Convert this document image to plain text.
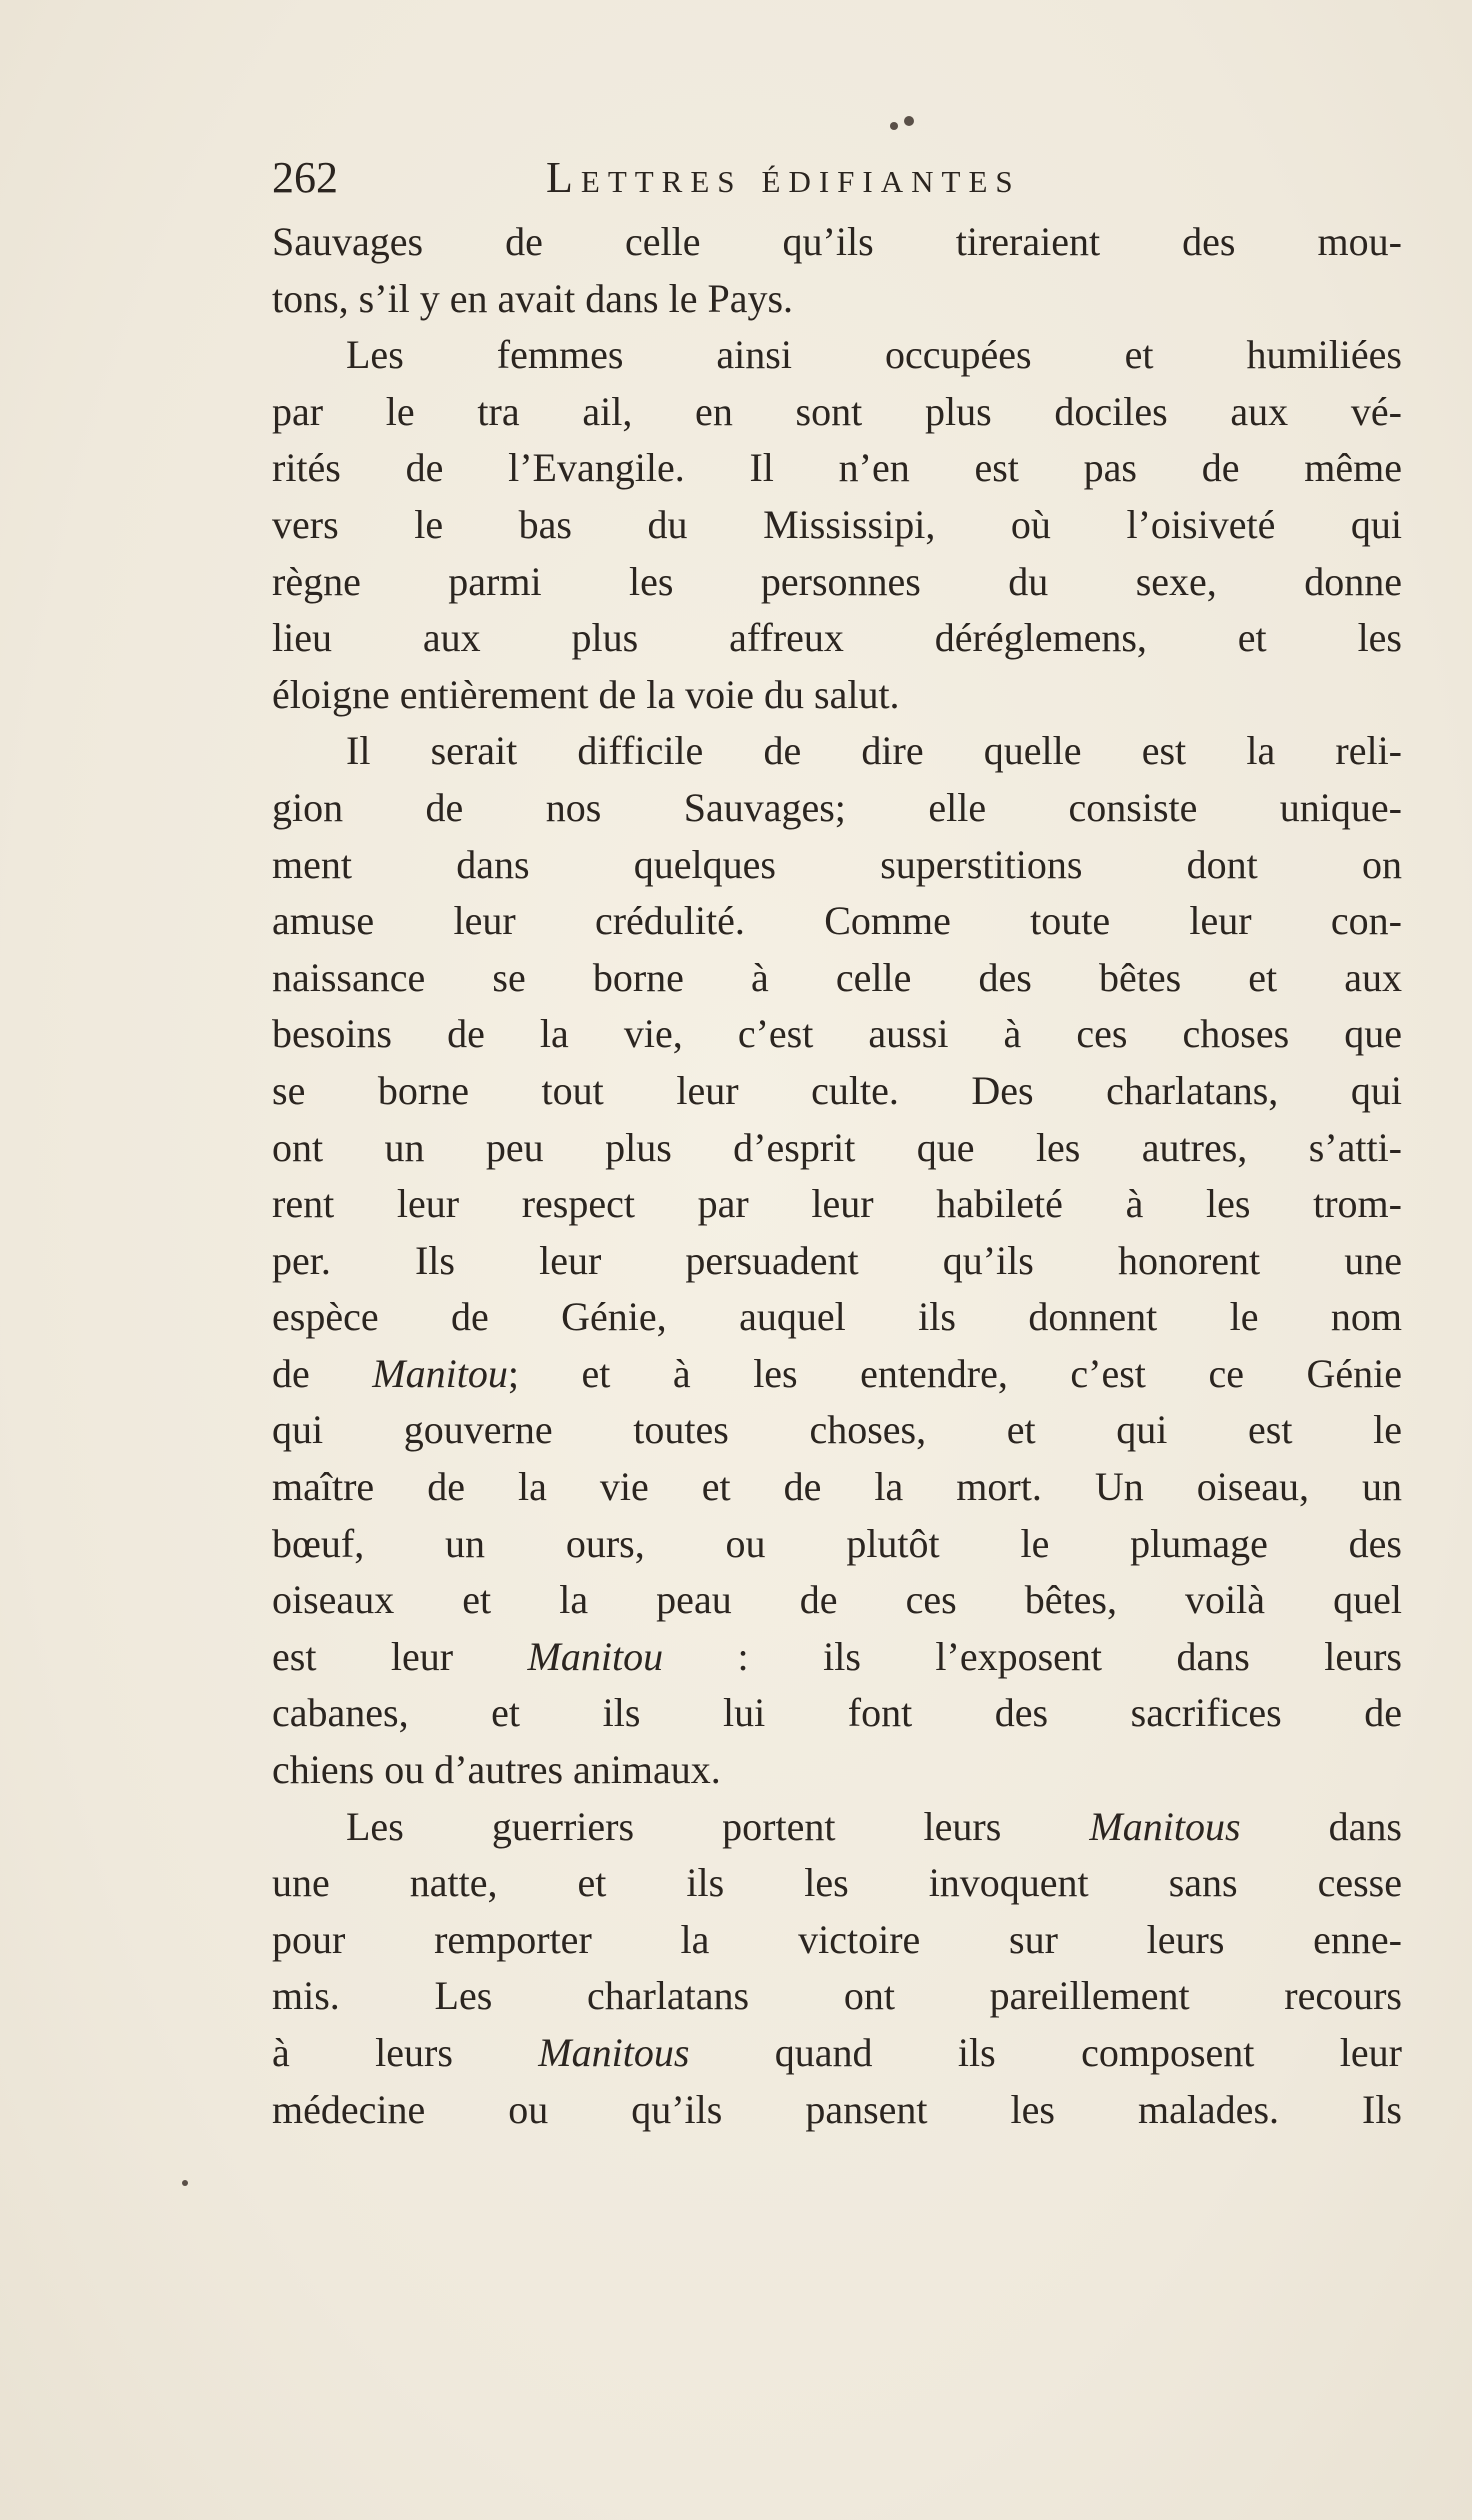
262	Lettres édifiantes
Sauvages de celle qu’ils tireraient des mou-
tons, s’il y en avait dans le Pays.
Les femmes ainsi occupées et humiliées
par le tra ail, en sont plus dociles aux vé-
rités de l’Evangile. Il n’en est pas de même
vers le bas du Mississipi, où l’oisiveté qui
règne parmi les personnes du sexe, donne
lieu aux plus affreux déréglemens, et les
éloigne entièrement de la voie du salut.
Il serait difficile de dire quelle est la reli-
gion de nos Sauvages; elle consiste unique-
ment dans quelques superstitions dont on
amuse leur crédulité. Comme toute leur con-
naissance se borne à celle des bêtes et aux
besoins de la vie, c’est aussi à ces choses que
se borne tout leur culte. Des charlatans, qui
ont un peu plus d’esprit que les autres, s’atti-
rent leur respect par leur habileté à les trom-
per. Ils leur persuadent qu’ils honorent une
espèce de Génie, auquel ils donnent le nom
de Manitou; et à les entendre, c’est ce Génie
qui gouverne toutes choses, et qui est le
maître de la vie et de la mort. Un oiseau, un
bœuf, un ours, ou plutôt le plumage des
oiseaux et la peau de ces bêtes, voilà quel
est leur Manitou : ils l’exposent dans leurs
cabanes, et ils lui font des sacrifices de
chiens ou d’autres animaux.
Les guerriers portent leurs Manitous dans
une natte, et ils les invoquent sans cesse
pour remporter la victoire sur leurs enne-
mis. Les charlatans ont pareillement recours
à leurs Manitous quand ils composent leur
médecine ou qu’ils pansent les malades. Ils
